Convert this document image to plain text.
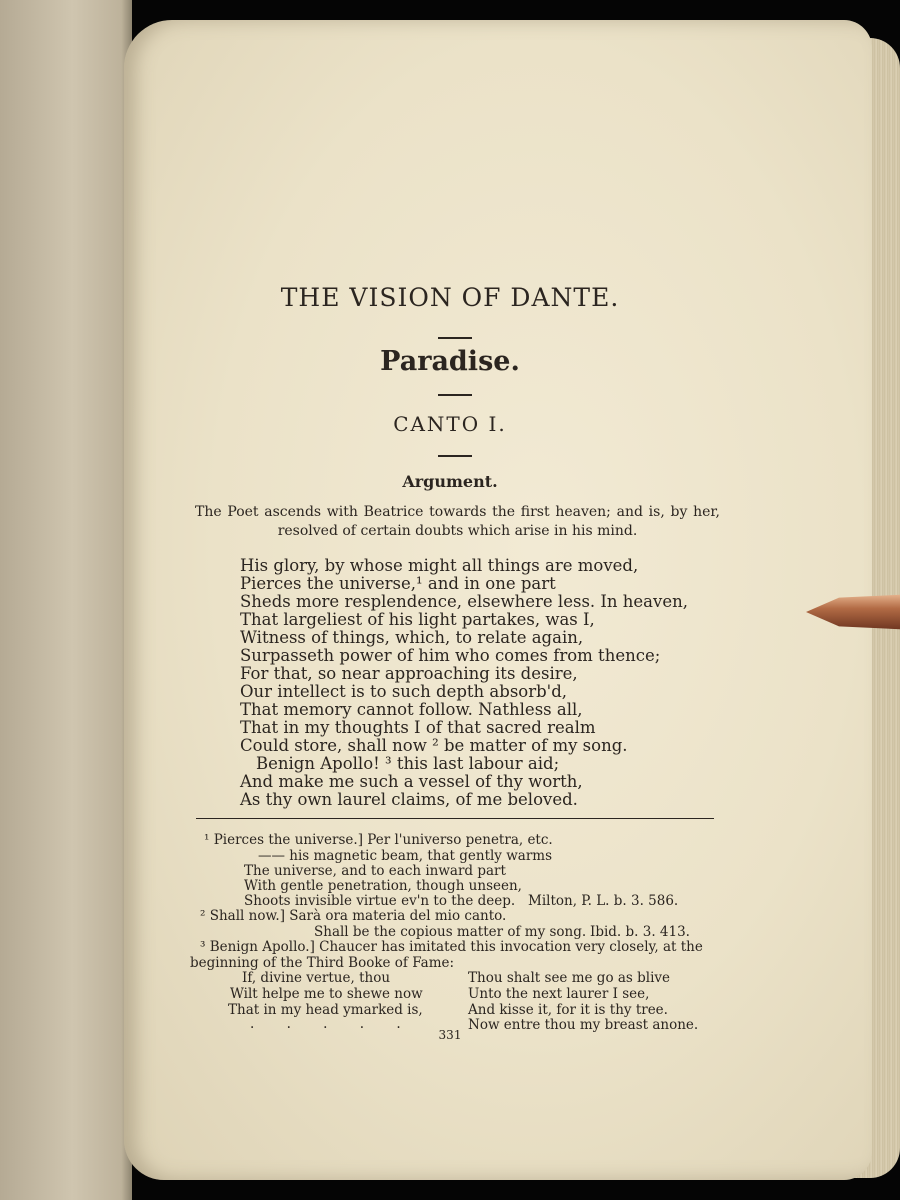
THE VISION OF DANTE.
Paradise.
CANTO I.
Argument.
The Poet ascends with Beatrice towards the first heaven; and is, by her,
resolved of certain doubts which arise in his mind.
His glory, by whose might all things are moved,
Pierces the universe,¹ and in one part
Sheds more resplendence, elsewhere less. In heaven,
That largeliest of his light partakes, was I,
Witness of things, which, to relate again,
Surpasseth power of him who comes from thence;
For that, so near approaching its desire,
Our intellect is to such depth absorb'd,
That memory cannot follow. Nathless all,
That in my thoughts I of that sacred realm
Could store, shall now ² be matter of my song.
Benign Apollo! ³ this last labour aid;
And make me such a vessel of thy worth,
As thy own laurel claims, of me beloved.
¹ Pierces the universe.] Per l'universo penetra, etc.
—— his magnetic beam, that gently warms
The universe, and to each inward part
With gentle penetration, though unseen,
Shoots invisible virtue ev'n to the deep. Milton, P. L. b. 3. 586.
² Shall now.] Sarà ora materia del mio canto.
Shall be the copious matter of my song. Ibid. b. 3. 413.
³ Benign Apollo.] Chaucer has imitated this invocation very closely, at the
beginning of the Third Booke of Fame:
If, divine vertue, thou
Wilt helpe me to shewe now
That in my head ymarked is,
. . . . .
Thou shalt see me go as blive
Unto the next laurer I see,
And kisse it, for it is thy tree.
Now entre thou my breast anone.
331
